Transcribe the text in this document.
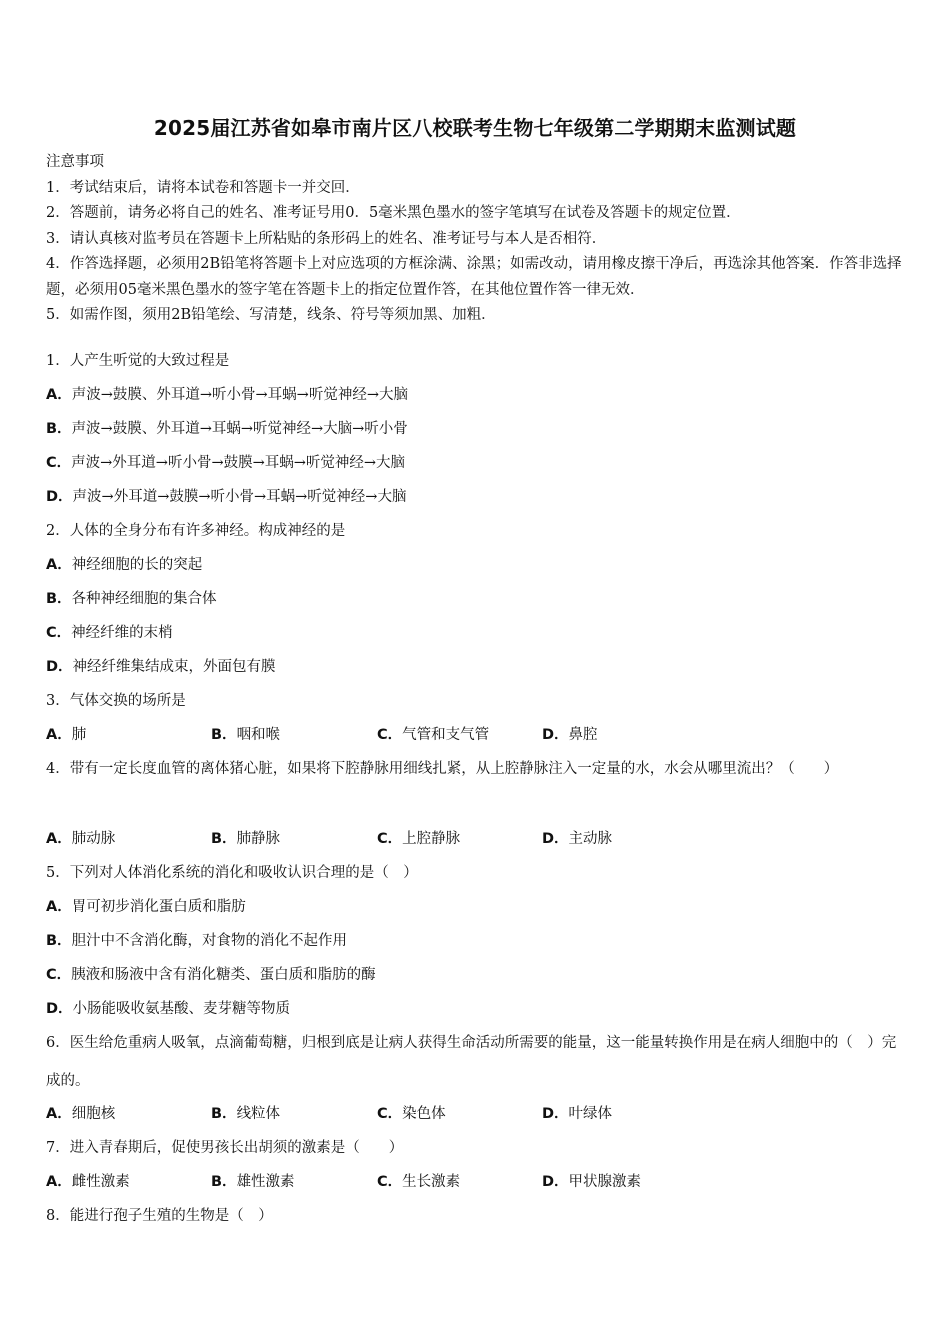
2025届江苏省如皋市南片区八校联考生物七年级第二学期期末监测试题
注意事项
1．考试结束后，请将本试卷和答题卡一并交回．
2．答题前，请务必将自己的姓名、准考证号用0．5毫米黑色墨水的签字笔填写在试卷及答题卡的规定位置．
3．请认真核对监考员在答题卡上所粘贴的条形码上的姓名、准考证号与本人是否相符．
4．作答选择题，必须用2B铅笔将答题卡上对应选项的方框涂满、涂黑；如需改动，请用橡皮擦干净后，再选涂其他答案．作答非选择题，必须用05毫米黑色墨水的签字笔在答题卡上的指定位置作答，在其他位置作答一律无效．
5．如需作图，须用2B铅笔绘、写清楚，线条、符号等须加黑、加粗．
1．人产生听觉的大致过程是
A．声波→鼓膜、外耳道→听小骨→耳蜗→听觉神经→大脑
B．声波→鼓膜、外耳道→耳蜗→听觉神经→大脑→听小骨
C．声波→外耳道→听小骨→鼓膜→耳蜗→听觉神经→大脑
D．声波→外耳道→鼓膜→听小骨→耳蜗→听觉神经→大脑
2．人体的全身分布有许多神经。构成神经的是
A．神经细胞的长的突起
B．各种神经细胞的集合体
C．神经纤维的末梢
D．神经纤维集结成束，外面包有膜
3．气体交换的场所是
A．肺	B．咽和喉	C．气管和支气管	D．鼻腔
4．带有一定长度血管的离体猪心脏，如果将下腔静脉用细线扎紧，从上腔静脉注入一定量的水，水会从哪里流出？（　　）
A．肺动脉	B．肺静脉	C．上腔静脉	D．主动脉
5．下列对人体消化系统的消化和吸收认识合理的是（　）
A．胃可初步消化蛋白质和脂肪
B．胆汁中不含消化酶，对食物的消化不起作用
C．胰液和肠液中含有消化糖类、蛋白质和脂肪的酶
D．小肠能吸收氨基酸、麦芽糖等物质
6．医生给危重病人吸氧，点滴葡萄糖，归根到底是让病人获得生命活动所需要的能量，这一能量转换作用是在病人细胞中的（　）完成的。
A．细胞核	B．线粒体	C．染色体	D．叶绿体
7．进入青春期后，促使男孩长出胡须的激素是（　　）
A．雌性激素	B．雄性激素	C．生长激素	D．甲状腺激素
8．能进行孢子生殖的生物是（　）
